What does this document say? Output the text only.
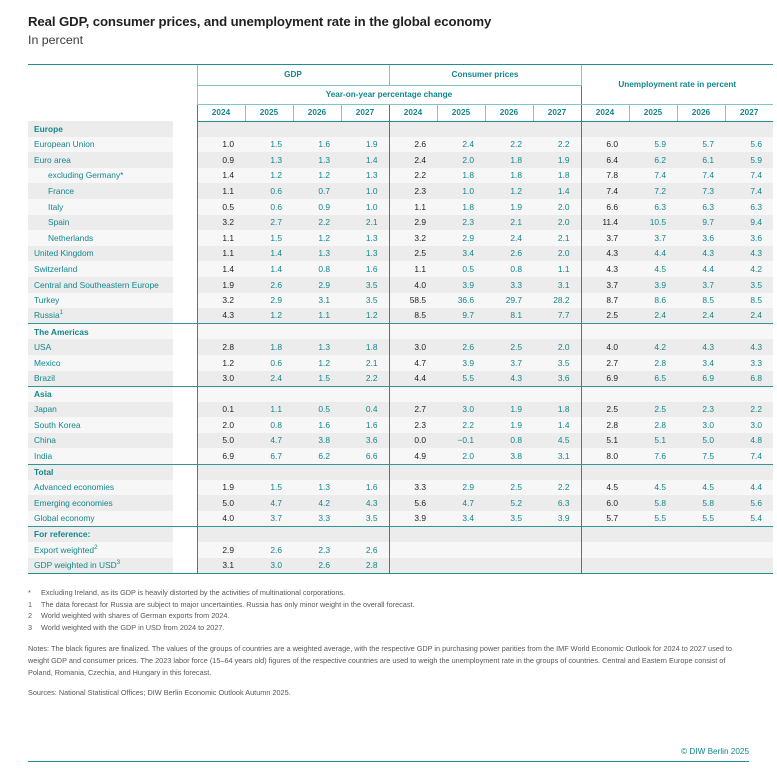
Real GDP, consumer prices, and unemployment rate in the global economy
In percent

		GDP				Consumer prices				Unemployment rate in percent			
		Year-on-year percentage change											
		2024	2025	2026	2027	2024	2025	2026	2027	2024	2025	2026	2027
Europe													
European Union		1.0	1.5	1.6	1.9	2.6	2.4	2.2	2.2	6.0	5.9	5.7	5.6
Euro area		0.9	1.3	1.3	1.4	2.4	2.0	1.8	1.9	6.4	6.2	6.1	5.9
excluding Germany*		1.4	1.2	1.2	1.3	2.2	1.8	1.8	1.8	7.8	7.4	7.4	7.4
France		1.1	0.6	0.7	1.0	2.3	1.0	1.2	1.4	7.4	7.2	7.3	7.4
Italy		0.5	0.6	0.9	1.0	1.1	1.8	1.9	2.0	6.6	6.3	6.3	6.3
Spain		3.2	2.7	2.2	2.1	2.9	2.3	2.1	2.0	11.4	10.5	9.7	9.4
Netherlands		1.1	1.5	1.2	1.3	3.2	2.9	2.4	2.1	3.7	3.7	3.6	3.6
United Kingdom		1.1	1.4	1.3	1.3	2.5	3.4	2.6	2.0	4.3	4.4	4.3	4.3
Switzerland		1.4	1.4	0.8	1.6	1.1	0.5	0.8	1.1	4.3	4.5	4.4	4.2
Central and Southeastern Europe		1.9	2.6	2.9	3.5	4.0	3.9	3.3	3.1	3.7	3.9	3.7	3.5
Turkey		3.2	2.9	3.1	3.5	58.5	36.6	29.7	28.2	8.7	8.6	8.5	8.5
Russia$^1$		4.3	1.2	1.1	1.2	8.5	9.7	8.1	7.7	2.5	2.4	2.4	2.4
The Americas													
USA		2.8	1.8	1.3	1.8	3.0	2.6	2.5	2.0	4.0	4.2	4.3	4.3
Mexico		1.2	0.6	1.2	2.1	4.7	3.9	3.7	3.5	2.7	2.8	3.4	3.3
Brazil		3.0	2.4	1.5	2.2	4.4	5.5	4.3	3.6	6.9	6.5	6.9	6.8
Asia													
Japan		0.1	1.1	0.5	0.4	2.7	3.0	1.9	1.8	2.5	2.5	2.3	2.2
South Korea		2.0	0.8	1.6	1.6	2.3	2.2	1.9	1.4	2.8	2.8	3.0	3.0
China		5.0	4.7	3.8	3.6	0.0	−0.1	0.8	4.5	5.1	5.1	5.0	4.8
India		6.9	6.7	6.2	6.6	4.9	2.0	3.8	3.1	8.0	7.6	7.5	7.4
Total													
Advanced economies		1.9	1.5	1.3	1.6	3.3	2.9	2.5	2.2	4.5	4.5	4.5	4.4
Emerging economies		5.0	4.7	4.2	4.3	5.6	4.7	5.2	6.3	6.0	5.8	5.8	5.6
Global economy		4.0	3.7	3.3	3.5	3.9	3.4	3.5	3.9	5.7	5.5	5.5	5.4
For reference:													
Export weighted$^2$		2.9	2.6	2.3	2.6								
GDP weighted in USD$^3$		3.1	3.0	2.6	2.8								
*	Excluding Ireland, as its GDP is heavily distorted by the activities of multinational corporations.
1	The data forecast for Russia are subject to major uncertainties. Russia has only minor weight in the overall forecast.
2	World weighted with shares of German exports from 2024.
3	World weighted with the GDP in USD from 2024 to 2027.
Notes: The black figures are finalized. The values of the groups of countries are a weighted average, with the respective GDP in purchasing power parities from the IMF World Economic Outlook for 2024 to 2027 used to weight GDP and consumer prices. The 2023 labor force (15–64 years old) figures of the respective countries are used to weigh the unemployment rate in the groups of countries. Central and Eastern Europe consist of Poland, Romania, Czechia, and Hungary in this forecast.
Sources: National Statistical Offices; DIW Berlin Economic Outlook Autumn 2025.
© DIW Berlin 2025
